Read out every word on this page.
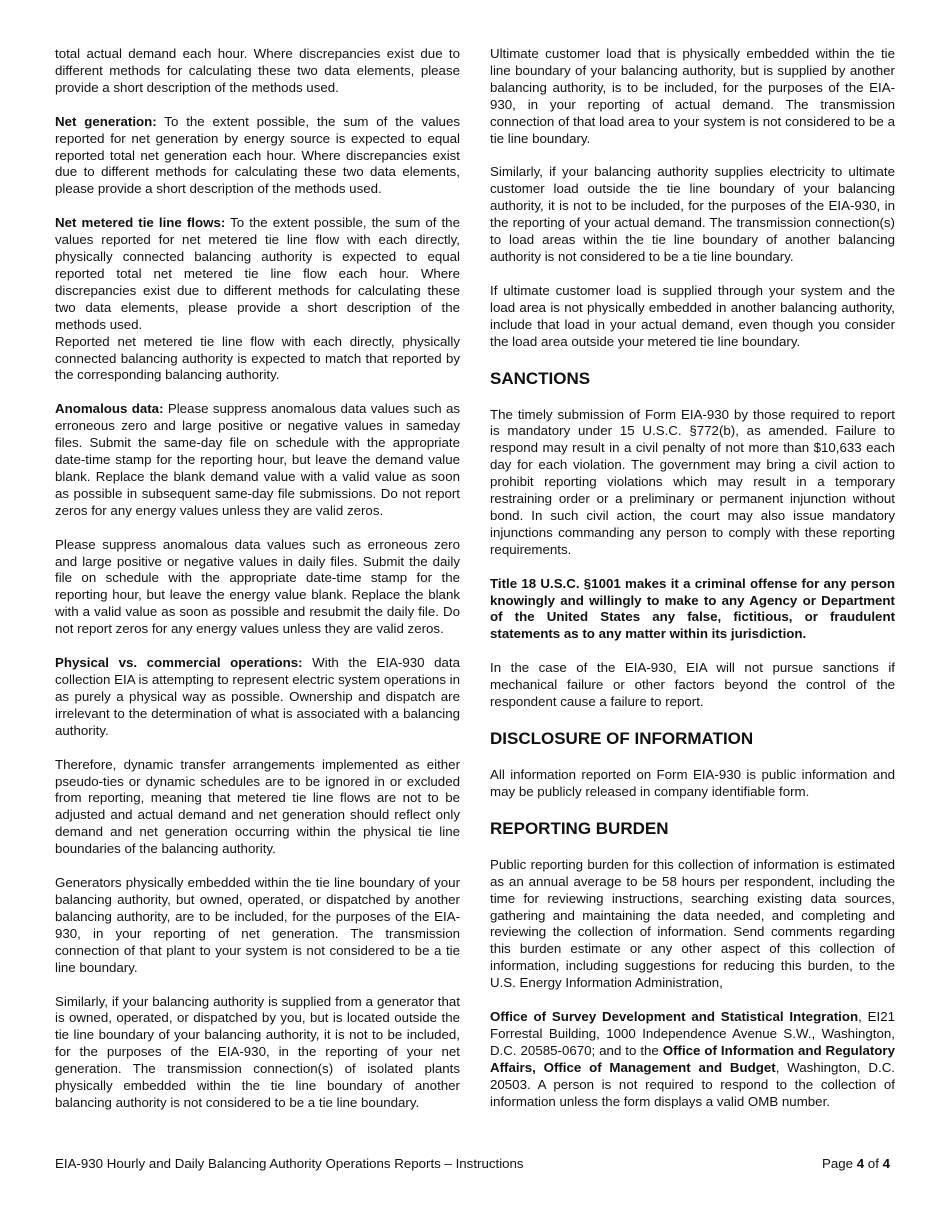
total actual demand each hour. Where discrepancies exist due to different methods for calculating these two data elements, please provide a short description of the methods used.

Net generation: To the extent possible, the sum of the values reported for net generation by energy source is expected to equal reported total net generation each hour. Where discrepancies exist due to different methods for calculating these two data elements, please provide a short description of the methods used.

Net metered tie line flows: To the extent possible, the sum of the values reported for net metered tie line flow with each directly, physically connected balancing authority is expected to equal reported total net metered tie line flow each hour. Where discrepancies exist due to different methods for calculating these two data elements, please provide a short description of the methods used.

Reported net metered tie line flow with each directly, physically connected balancing authority is expected to match that reported by the corresponding balancing authority.

Anomalous data: Please suppress anomalous data values such as erroneous zero and large positive or negative values in sameday files. Submit the same-day file on schedule with the appropriate date-time stamp for the reporting hour, but leave the demand value blank. Replace the blank demand value with a valid value as soon as possible in subsequent same-day file submissions. Do not report zeros for any energy values unless they are valid zeros.

Please suppress anomalous data values such as erroneous zero and large positive or negative values in daily files. Submit the daily file on schedule with the appropriate date-time stamp for the reporting hour, but leave the energy value blank. Replace the blank with a valid value as soon as possible and resubmit the daily file. Do not report zeros for any energy values unless they are valid zeros.

Physical vs. commercial operations: With the EIA-930 data collection EIA is attempting to represent electric system operations in as purely a physical way as possible. Ownership and dispatch are irrelevant to the determination of what is associated with a balancing authority.

Therefore, dynamic transfer arrangements implemented as either pseudo-ties or dynamic schedules are to be ignored in or excluded from reporting, meaning that metered tie line flows are not to be adjusted and actual demand and net generation should reflect only demand and net generation occurring within the physical tie line boundaries of the balancing authority.

Generators physically embedded within the tie line boundary of your balancing authority, but owned, operated, or dispatched by another balancing authority, are to be included, for the purposes of the EIA-930, in your reporting of net generation. The transmission connection of that plant to your system is not considered to be a tie line boundary.

Similarly, if your balancing authority is supplied from a generator that is owned, operated, or dispatched by you, but is located outside the tie line boundary of your balancing authority, it is not to be included, for the purposes of the EIA-930, in the reporting of your net generation. The transmission connection(s) of isolated plants physically embedded within the tie line boundary of another balancing authority is not considered to be a tie line boundary.

Ultimate customer load that is physically embedded within the tie line boundary of your balancing authority, but is supplied by another balancing authority, is to be included, for the purposes of the EIA-930, in your reporting of actual demand. The transmission connection of that load area to your system is not considered to be a tie line boundary.

Similarly, if your balancing authority supplies electricity to ultimate customer load outside the tie line boundary of your balancing authority, it is not to be included, for the purposes of the EIA-930, in the reporting of your actual demand. The transmission connection(s) to load areas within the tie line boundary of another balancing authority is not considered to be a tie line boundary.

If ultimate customer load is supplied through your system and the load area is not physically embedded in another balancing authority, include that load in your actual demand, even though you consider the load area outside your metered tie line boundary.

SANCTIONS

The timely submission of Form EIA-930 by those required to report is mandatory under 15 U.S.C. §772(b), as amended. Failure to respond may result in a civil penalty of not more than $10,633 each day for each violation. The government may bring a civil action to prohibit reporting violations which may result in a temporary restraining order or a preliminary or permanent injunction without bond. In such civil action, the court may also issue mandatory injunctions commanding any person to comply with these reporting requirements.

Title 18 U.S.C. §1001 makes it a criminal offense for any person knowingly and willingly to make to any Agency or Department of the United States any false, fictitious, or fraudulent statements as to any matter within its jurisdiction.

In the case of the EIA-930, EIA will not pursue sanctions if mechanical failure or other factors beyond the control of the respondent cause a failure to report.

DISCLOSURE OF INFORMATION

All information reported on Form EIA-930 is public information and may be publicly released in company identifiable form.

REPORTING BURDEN

Public reporting burden for this collection of information is estimated as an annual average to be 58 hours per respondent, including the time for reviewing instructions, searching existing data sources, gathering and maintaining the data needed, and completing and reviewing the collection of information. Send comments regarding this burden estimate or any other aspect of this collection of information, including suggestions for reducing this burden, to the U.S. Energy Information Administration,

Office of Survey Development and Statistical Integration, EI21 Forrestal Building, 1000 Independence Avenue S.W., Washington, D.C. 20585-0670; and to the Office of Information and Regulatory Affairs, Office of Management and Budget, Washington, D.C. 20503. A person is not required to respond to the collection of information unless the form displays a valid OMB number.

EIA-930 Hourly and Daily Balancing Authority Operations Reports – Instructions	Page 4 of 4
